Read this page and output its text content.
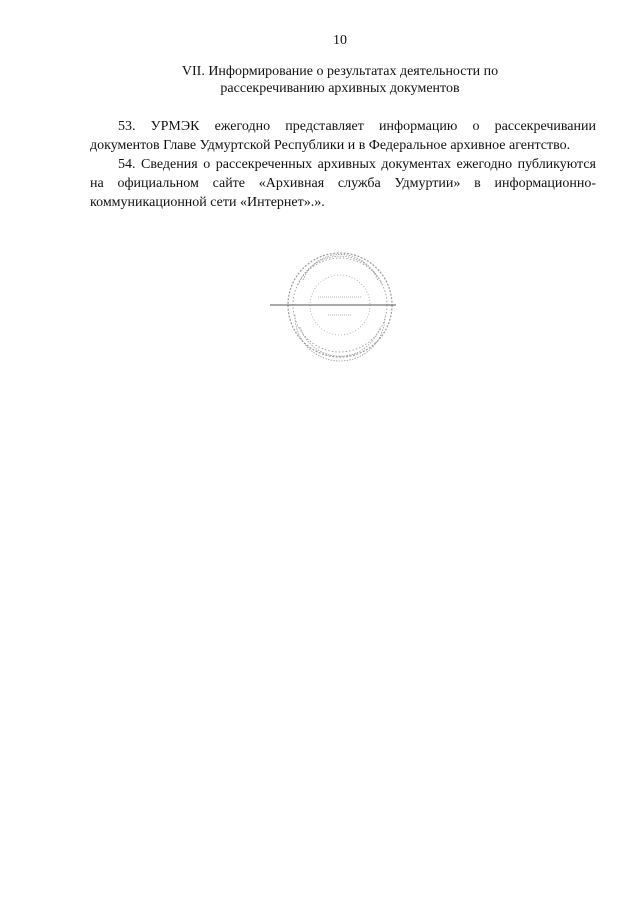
10
VII. Информирование о результатах деятельности по
рассекречиванию архивных документов

53. УРМЭК ежегодно представляет информацию о рассекречивании документов Главе Удмуртской Республики и в Федеральное архивное агентство.

54. Сведения о рассекреченных архивных документах ежегодно публикуются на официальном сайте «Архивная служба Удмуртии» в информационно-коммуникационной сети «Интернет».».
